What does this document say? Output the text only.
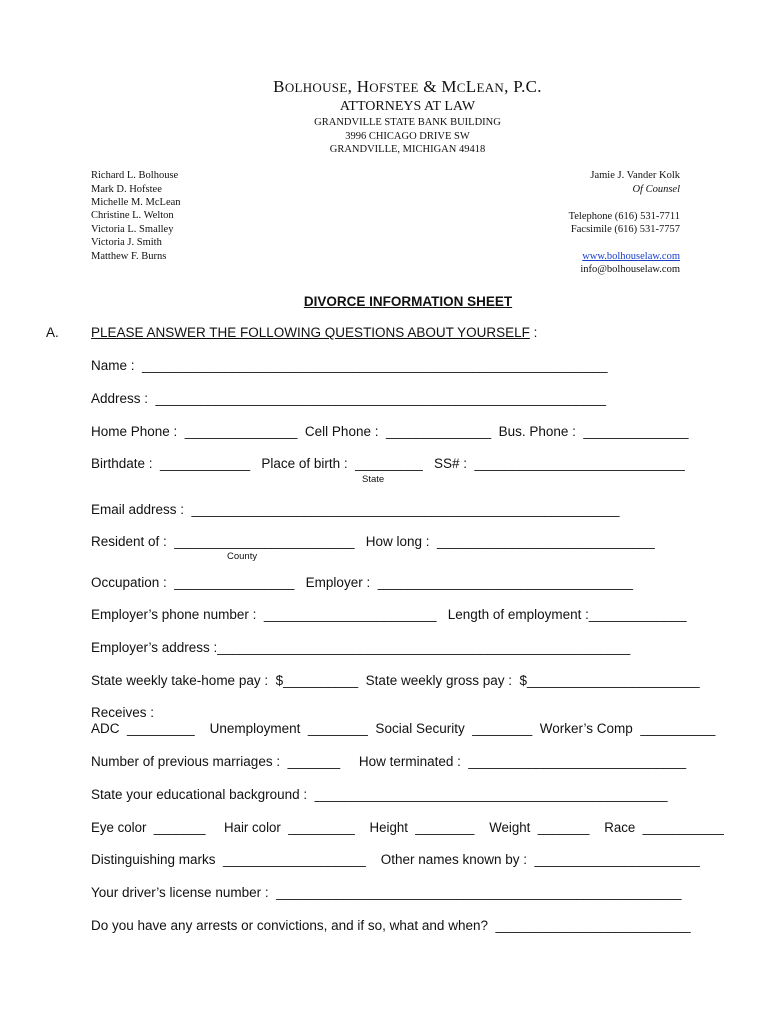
BOLHOUSE, HOFSTEE & MCLEAN, P.C.
ATTORNEYS AT LAW
GRANDVILLE STATE BANK BUILDING
3996 CHICAGO DRIVE SW
GRANDVILLE, MICHIGAN 49418
Richard L. Bolhouse
Mark D. Hofstee
Michelle M. McLean
Christine L. Welton
Victoria L. Smalley
Victoria J. Smith
Matthew F. Burns
Jamie J. Vander Kolk
Of Counsel
Telephone (616) 531-7711
Facsimile (616) 531-7757
www.bolhouselaw.com
info@bolhouselaw.com
DIVORCE INFORMATION SHEET
A. PLEASE ANSWER THE FOLLOWING QUESTIONS ABOUT YOURSELF :
Name :  ______________________________________________________________
Address :  ____________________________________________________________
Home Phone :  _______________  Cell Phone :  ______________  Bus. Phone :  ______________
Birthdate :  ____________   Place of birth :  _________   SS# :  ____________________________
State
Email address :  _________________________________________________________
Resident of :  ________________________   How long :  _____________________________
County
Occupation :  ________________   Employer :  __________________________________
Employer’s phone number :  _______________________   Length of employment :_____________
Employer’s address :_______________________________________________________
State weekly take-home pay :  $__________  State weekly gross pay :  $_______________________
Receives :
ADC  _________    Unemployment  ________  Social Security  ________  Worker’s Comp  __________
Number of previous marriages :  _______     How terminated :  _____________________________
State your educational background :  _______________________________________________
Eye color  _______     Hair color  _________    Height  ________    Weight  _______    Race  ___________
Distinguishing marks  ___________________    Other names known by :  ______________________
Your driver’s license number :  ______________________________________________________
Do you have any arrests or convictions, and if so, what and when?  __________________________
